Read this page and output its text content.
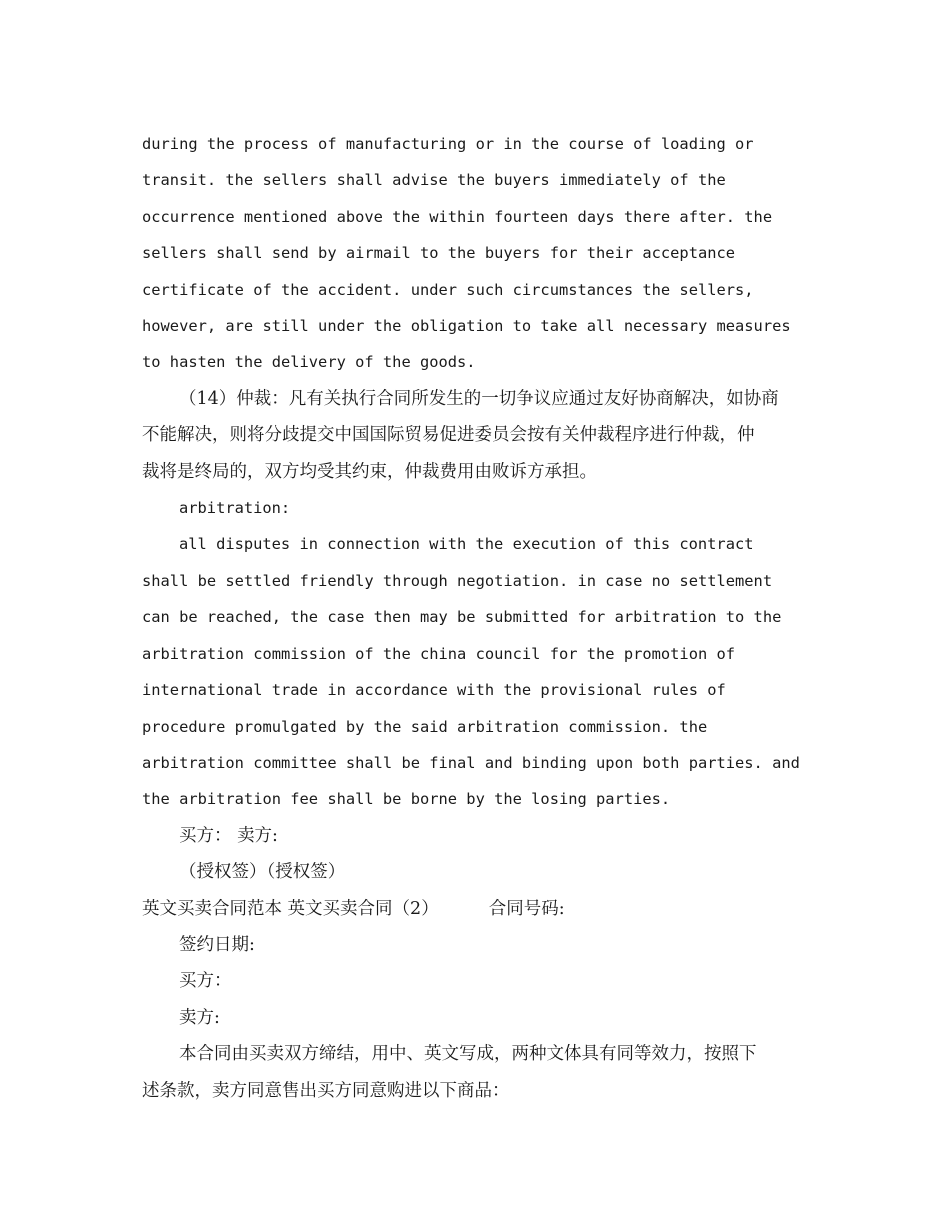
during the process of manufacturing or in the course of loading or

transit. the sellers shall advise the buyers immediately of the

occurrence mentioned above the within fourteen days there after. the

sellers shall send by airmail to the buyers for their acceptance

certificate of the accident. under such circumstances the sellers,

however, are still under the obligation to take all necessary measures

to hasten the delivery of the goods.

（14）仲裁：凡有关执行合同所发生的一切争议应通过友好协商解决，如协商

不能解决，则将分歧提交中国国际贸易促进委员会按有关仲裁程序进行仲裁，仲

裁将是终局的，双方均受其约束，仲裁费用由败诉方承担。

arbitration:

all disputes in connection with the execution of this contract

shall be settled friendly through negotiation. in case no settlement

can be reached, the case then may be submitted for arbitration to the

arbitration commission of the china council for the promotion of

international trade in accordance with the provisional rules of

procedure promulgated by the said arbitration commission. the

arbitration committee shall be final and binding upon both parties. and

the arbitration fee shall be borne by the losing parties.

买方： 卖方:

（授权签）（授权签）

英文买卖合同范本 英文买卖合同（2）	合同号码:

签约日期:

买方：

卖方:

本合同由买卖双方缔结，用中、英文写成，两种文体具有同等效力，按照下

述条款，卖方同意售出买方同意购进以下商品：
